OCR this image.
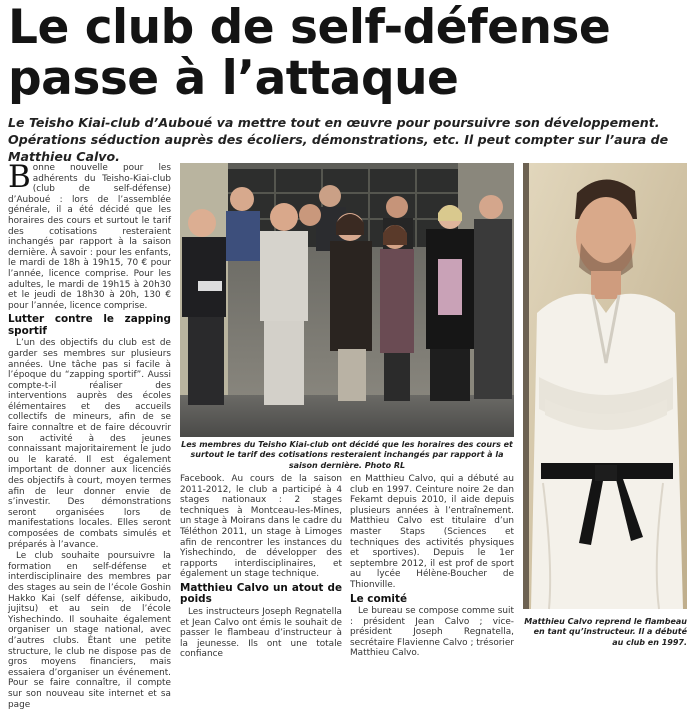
Le club de self-défense
passe à l’attaque

Le Teisho Kiai-club d’Auboué va mettre tout en œuvre pour poursuivre son développement. Opérations séduction auprès des écoliers, démonstrations, etc. Il peut compter sur l’aura de Matthieu Calvo.

Bonne nouvelle pour les adhérents du Teisho-Kiai-club (club de self-défense) d’Auboué : lors de l’assemblée générale, il a été décidé que les horaires des cours et surtout le tarif des cotisations resteraient inchangés par rapport à la saison dernière. À savoir : pour les enfants, le mardi de 18h à 19h15, 70 € pour l’année, licence comprise. Pour les adultes, le mardi de 19h15 à 20h30 et le jeudi de 18h30 à 20h, 130 € pour l’année, licence comprise.

Lutter contre le zapping sportif

L’un des objectifs du club est de garder ses membres sur plusieurs années. Une tâche pas si facile à l’époque du “zapping sportif”. Aussi compte-t-il réaliser des interventions auprès des écoles élémentaires et des accueils collectifs de mineurs, afin de se faire connaître et de faire découvrir son activité à des jeunes connaissant majoritairement le judo ou le karaté. Il est également important de donner aux licenciés des objectifs à court, moyen termes afin de leur donner envie de s’investir. Des démonstrations seront organisées lors de manifestations locales. Elles seront composées de combats simulés et préparés à l’avance.

Le club souhaite poursuivre la formation en self-défense et interdisciplinaire des membres par des stages au sein de l’école Goshin Hakko Kai (self défense, aikibudo, jujitsu) et au sein de l’école Yishechindo. Il souhaite également organiser un stage national, avec d’autres clubs. Étant une petite structure, le club ne dispose pas de gros moyens financiers, mais essaiera d’organiser un événement. Pour se faire connaître, il compte sur son nouveau site internet et sa page

Les membres du Teisho Kiai-club ont décidé que les horaires des cours et surtout le tarif des cotisations resteraient inchangés par rapport à la saison dernière. Photo RL

Facebook. Au cours de la saison 2011-2012, le club a participé à 4 stages nationaux : 2 stages techniques à Montceau-les-Mines, un stage à Moirans dans le cadre du Téléthon 2011, un stage à Limoges afin de rencontrer les instances du Yishechindo, de développer des rapports interdisciplinaires, et également un stage technique.

Matthieu Calvo un atout de poids

Les instructeurs Joseph Regnatella et Jean Calvo ont émis le souhait de passer le flambeau d’instructeur à la jeunesse. Ils ont une totale confiance

en Matthieu Calvo, qui a débuté au club en 1997. Ceinture noire 2e dan Fekamt depuis 2010, il aide depuis plusieurs années à l’entraînement. Matthieu Calvo est titulaire d’un master Staps (Sciences et techniques des activités physiques et sportives). Depuis le 1er septembre 2012, il est prof de sport au lycée Hélène-Boucher de Thionville.

Le comité

Le bureau se compose comme suit : président Jean Calvo ; vice-président Joseph Regnatella, secrétaire Flavienne Calvo ; trésorier Matthieu Calvo.

Matthieu Calvo reprend le flambeau en tant qu’instructeur. Il a débuté au club en 1997.
